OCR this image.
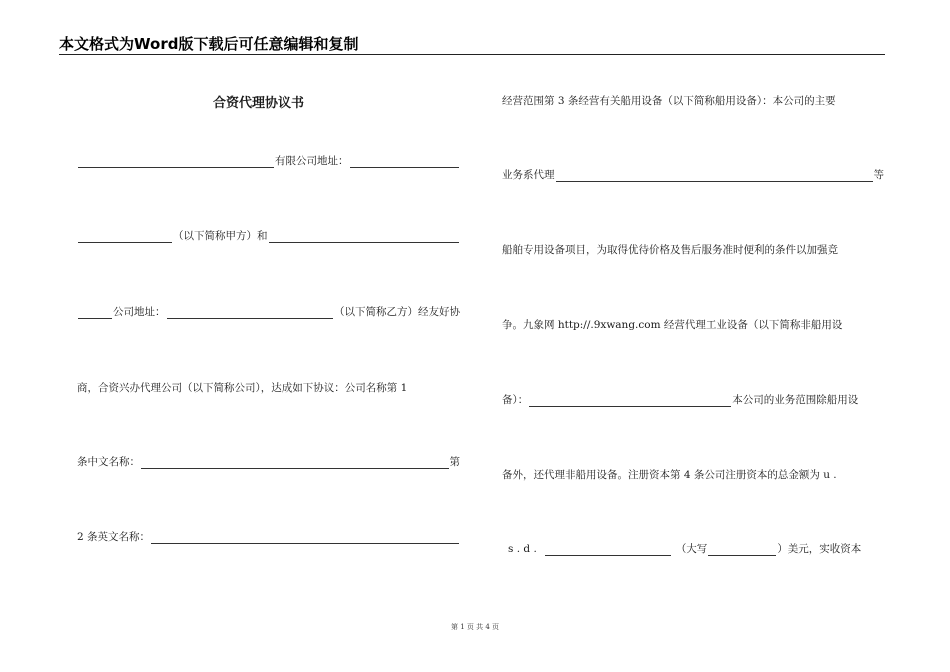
本文格式为Word版下载后可任意编辑和复制
合资代理协议书
有限公司地址：
（以下简称甲方）和
公司地址：	（以下简称乙方）经友好协
商，合资兴办代理公司（以下简称公司），达成如下协议：公司名称第 1
条中文名称：	第
2 条英文名称：
经营范围第 3 条经营有关船用设备（以下简称船用设备）：本公司的主要
业务系代理	等
船舶专用设备项目，为取得优待价格及售后服务准时便利的条件以加强竞
争。九象网 http://.9xwang.com 经营代理工业设备（以下简称非船用设
备）：	本公司的业务范围除船用设
备外，还代理非船用设备。注册资本第 4 条公司注册资本的总金额为 u .
s . d .	（大写	）美元，实收资本
第 1 页 共 4 页
